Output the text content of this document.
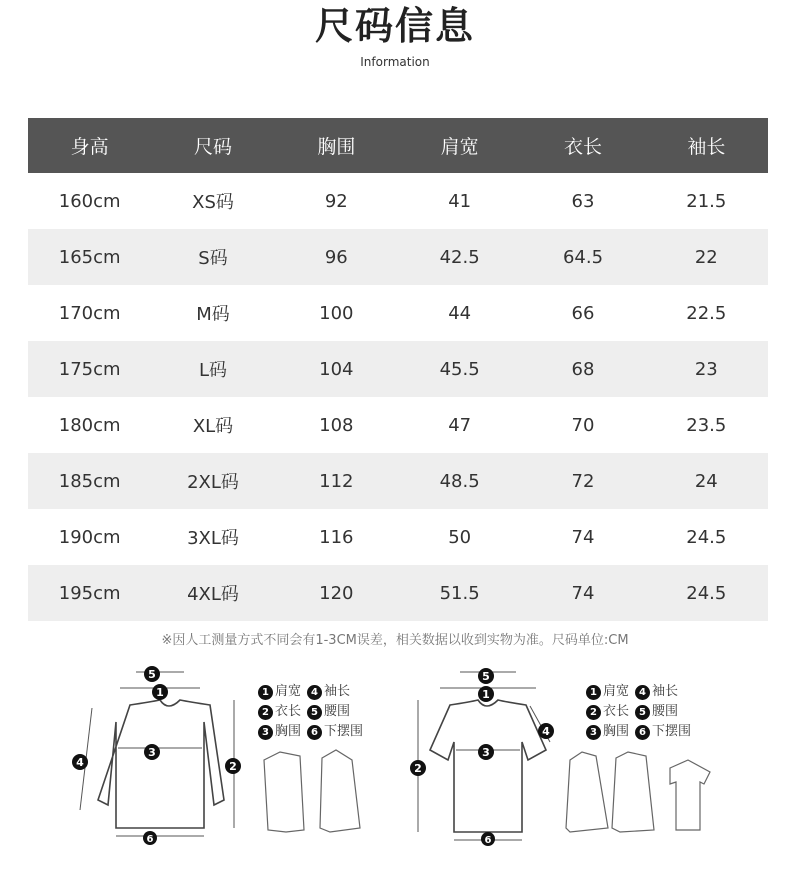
尺码信息
Information
身高	尺码	胸围	肩宽	衣长	袖长
160cm	XS码	92	41	63	21.5
165cm	S码	96	42.5	64.5	22
170cm	M码	100	44	66	22.5
175cm	L码	104	45.5	68	23
180cm	XL码	108	47	70	23.5
185cm	2XL码	112	48.5	72	24
190cm	3XL码	116	50	74	24.5
195cm	4XL码	120	51.5	74	24.5
※因人工测量方式不同会有1-3CM误差，相关数据以收到实物为准。尺码单位:CM
1
2
3
4
5
6
1 肩宽	4 袖长
2 衣长	5 腰围
3 胸围	6 下摆围
1
2
3
4
5
6
1 肩宽	4 袖长
2 衣长	5 腰围
3 胸围	6 下摆围
